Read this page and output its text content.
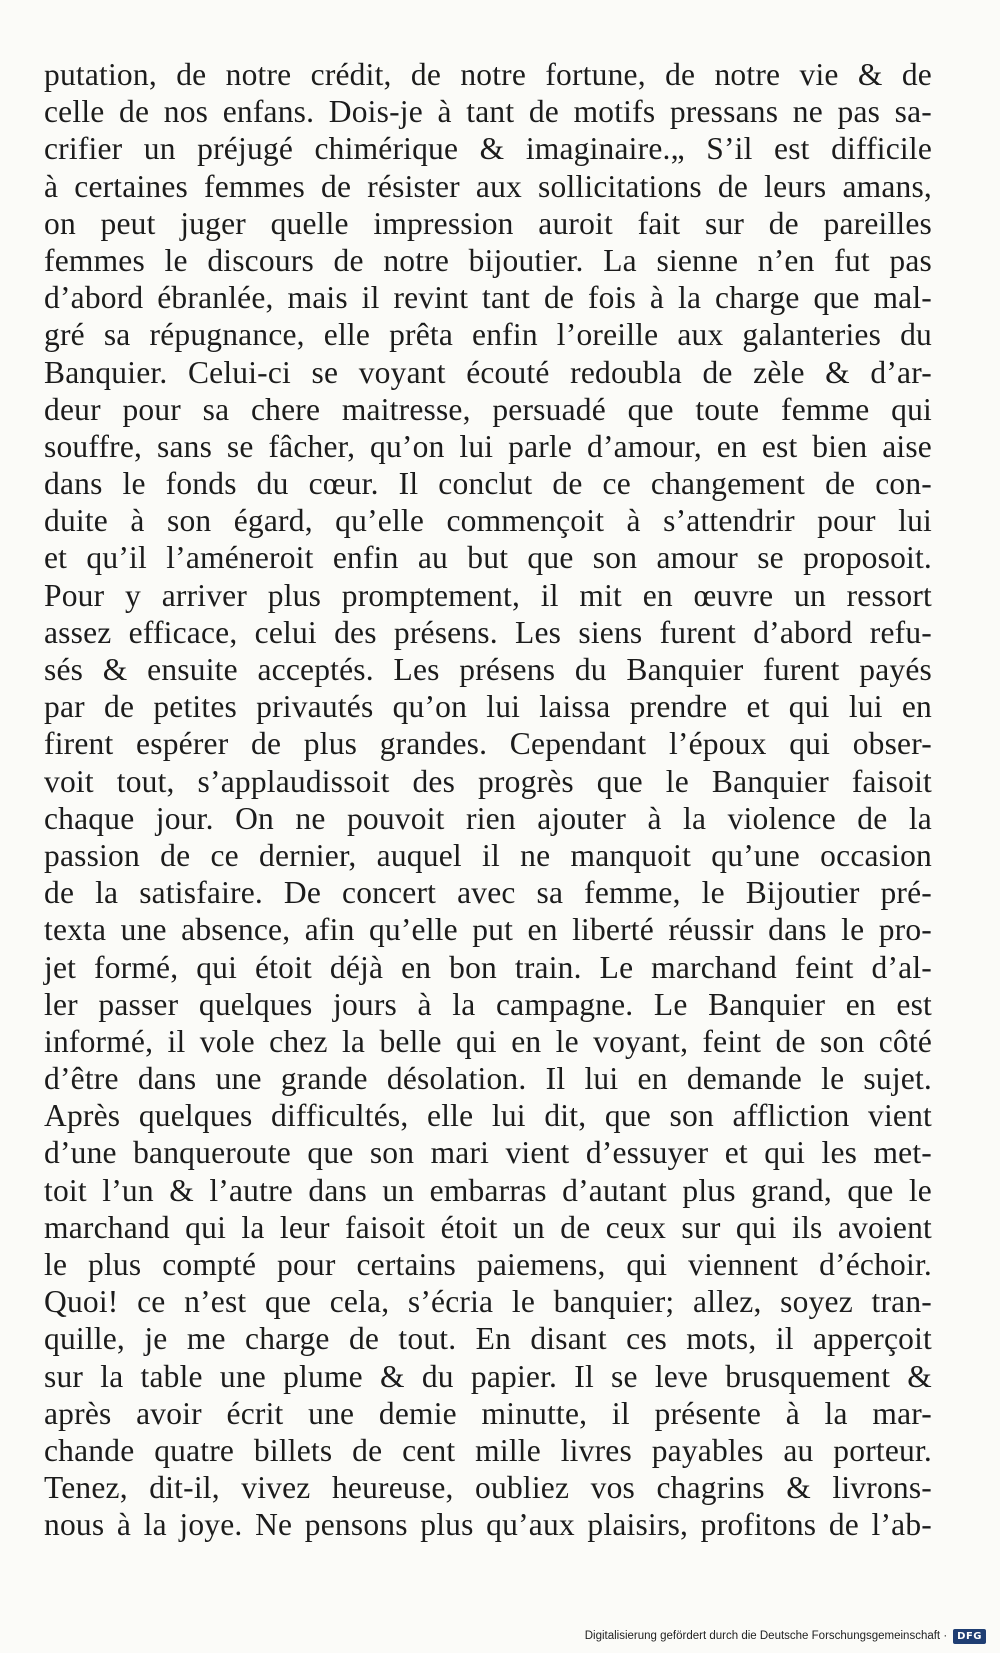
putation, de notre crédit, de notre fortune, de notre vie & de
celle de nos enfans. Dois-je à tant de motifs pressans ne pas sa-
crifier un préjugé chimérique & imaginaire.„ S’il est difficile
à certaines femmes de résister aux sollicitations de leurs amans,
on peut juger quelle impression auroit fait sur de pareilles
femmes le discours de notre bijoutier. La sienne n’en fut pas
d’abord ébranlée, mais il revint tant de fois à la charge que mal-
gré sa répugnance, elle prêta enfin l’oreille aux galanteries du
Banquier. Celui-ci se voyant écouté redoubla de zèle & d’ar-
deur pour sa chere maitresse, persuadé que toute femme qui
souffre, sans se fâcher, qu’on lui parle d’amour, en est bien aise
dans le fonds du cœur. Il conclut de ce changement de con-
duite à son égard, qu’elle commençoit à s’attendrir pour lui
et qu’il l’améneroit enfin au but que son amour se proposoit.
Pour y arriver plus promptement, il mit en œuvre un ressort
assez efficace, celui des présens. Les siens furent d’abord refu-
sés & ensuite acceptés. Les présens du Banquier furent payés
par de petites privautés qu’on lui laissa prendre et qui lui en
firent espérer de plus grandes. Cependant l’époux qui obser-
voit tout, s’applaudissoit des progrès que le Banquier faisoit
chaque jour. On ne pouvoit rien ajouter à la violence de la
passion de ce dernier, auquel il ne manquoit qu’une occasion
de la satisfaire. De concert avec sa femme, le Bijoutier pré-
texta une absence, afin qu’elle put en liberté réussir dans le pro-
jet formé, qui étoit déjà en bon train. Le marchand feint d’al-
ler passer quelques jours à la campagne. Le Banquier en est
informé, il vole chez la belle qui en le voyant, feint de son côté
d’être dans une grande désolation. Il lui en demande le sujet.
Après quelques difficultés, elle lui dit, que son affliction vient
d’une banqueroute que son mari vient d’essuyer et qui les met-
toit l’un & l’autre dans un embarras d’autant plus grand, que le
marchand qui la leur faisoit étoit un de ceux sur qui ils avoient
le plus compté pour certains paiemens, qui viennent d’échoir.
Quoi! ce n’est que cela, s’écria le banquier; allez, soyez tran-
quille, je me charge de tout. En disant ces mots, il apperçoit
sur la table une plume & du papier. Il se leve brusquement &
après avoir écrit une demie minutte, il présente à la mar-
chande quatre billets de cent mille livres payables au porteur.
Tenez, dit-il, vivez heureuse, oubliez vos chagrins & livrons-
nous à la joye. Ne pensons plus qu’aux plaisirs, profitons de l’ab-
Digitalisierung gefördert durch die Deutsche Forschungsgemeinschaft ·	DFG
